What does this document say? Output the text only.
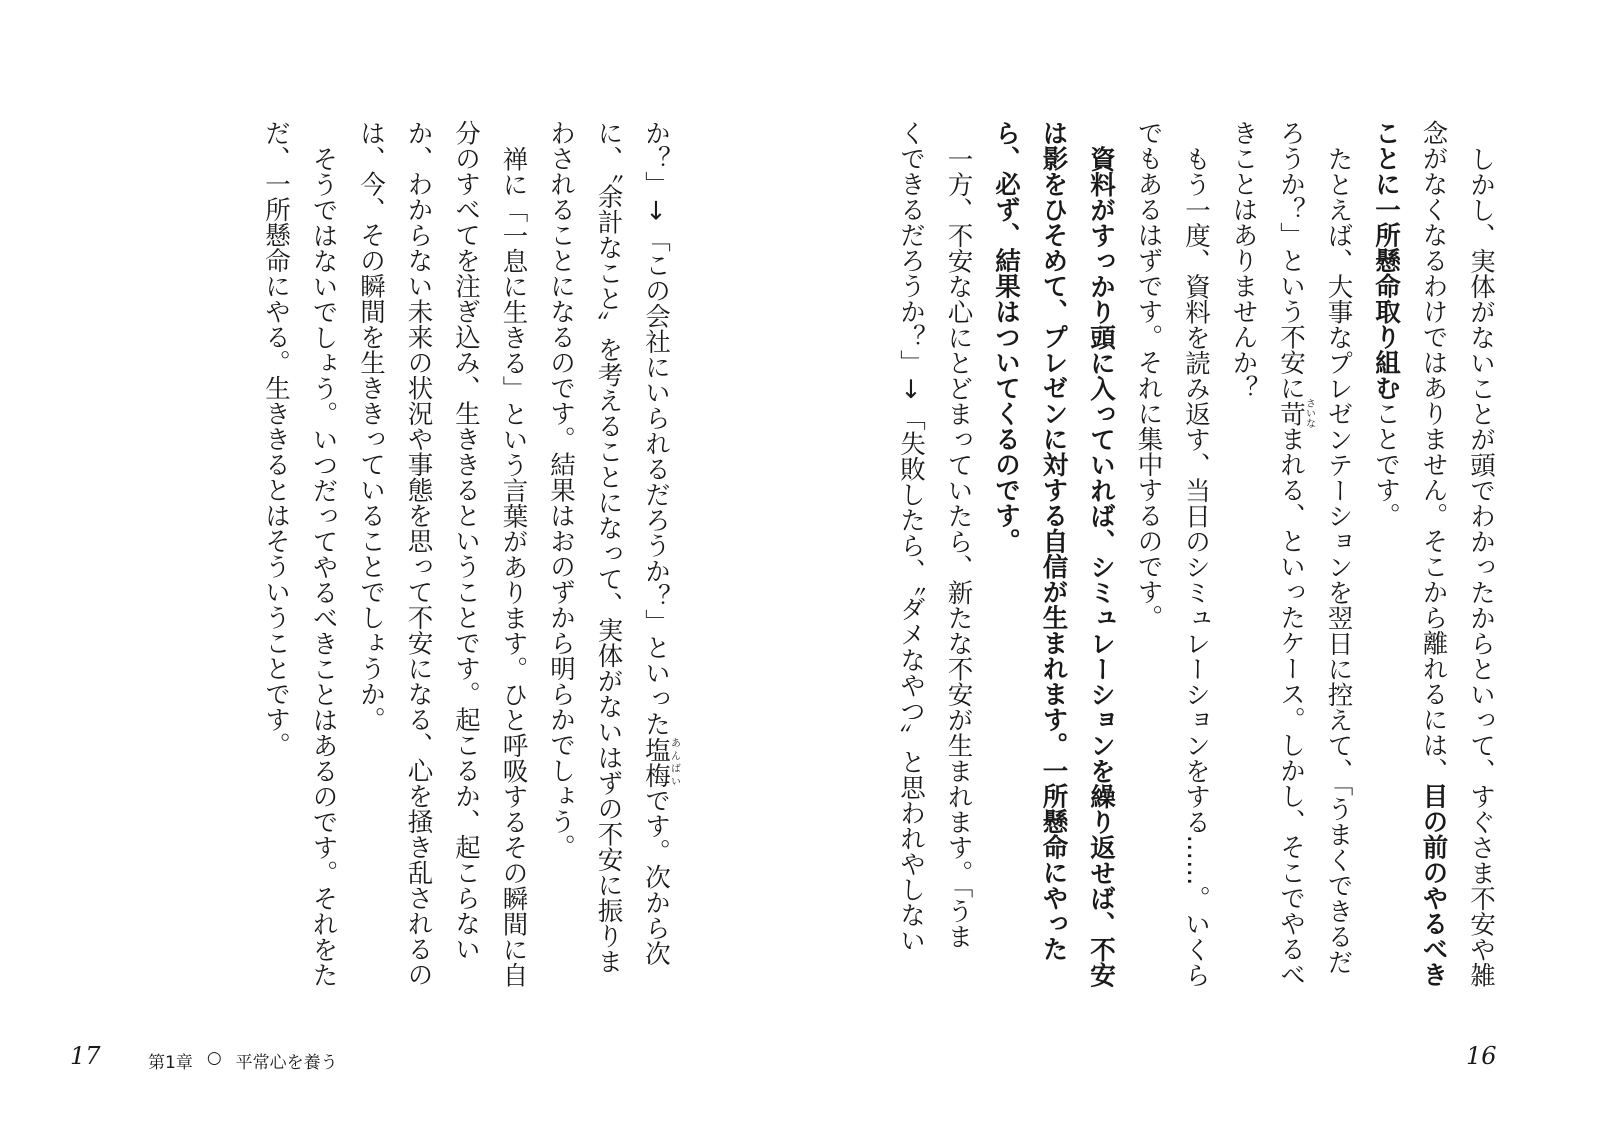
しかし、実体がないことが頭でわかったからといって、すぐさま不安や雑
念がなくなるわけではありません。そこから離れるには、目の前のやるべき
ことに一所懸命取り組むことです。
たとえば、大事なプレゼンテーションを翌日に控えて、「うまくできるだ
ろうか？」という不安に苛さいなまれる、といったケース。しかし、そこでやるべ
きことはありませんか？
もう一度、資料を読み返す、当日のシミュレーションをする……。いくら
でもあるはずです。それに集中するのです。
資料がすっかり頭に入っていれば、シミュレーションを繰り返せば、不安
は影をひそめて、プレゼンに対する自信が生まれます。一所懸命にやった
ら、必ず、結果はついてくるのです。
一方、不安な心にとどまっていたら、新たな不安が生まれます。「うま
くできるだろうか？」↓「失敗したら、〝ダメなやつ〟と思われやしない
か？」↓「この会社にいられるだろうか？」といった塩梅あんばいです。次から次
に、〝余計なこと〟を考えることになって、実体がないはずの不安に振りま
わされることになるのです。結果はおのずから明らかでしょう。
禅に「一息に生きる」という言葉があります。ひと呼吸するその瞬間に自
分のすべてを注ぎ込み、生ききるということです。起こるか、起こらない
か、わからない未来の状況や事態を思って不安になる、心を掻き乱されるの
は、今、その瞬間を生ききっていることでしょうか。
そうではないでしょう。いつだってやるべきことはあるのです。それをた
だ、一所懸命にやる。生ききるとはそういうことです。
17	第1章 ○ 平常心を養う	16
